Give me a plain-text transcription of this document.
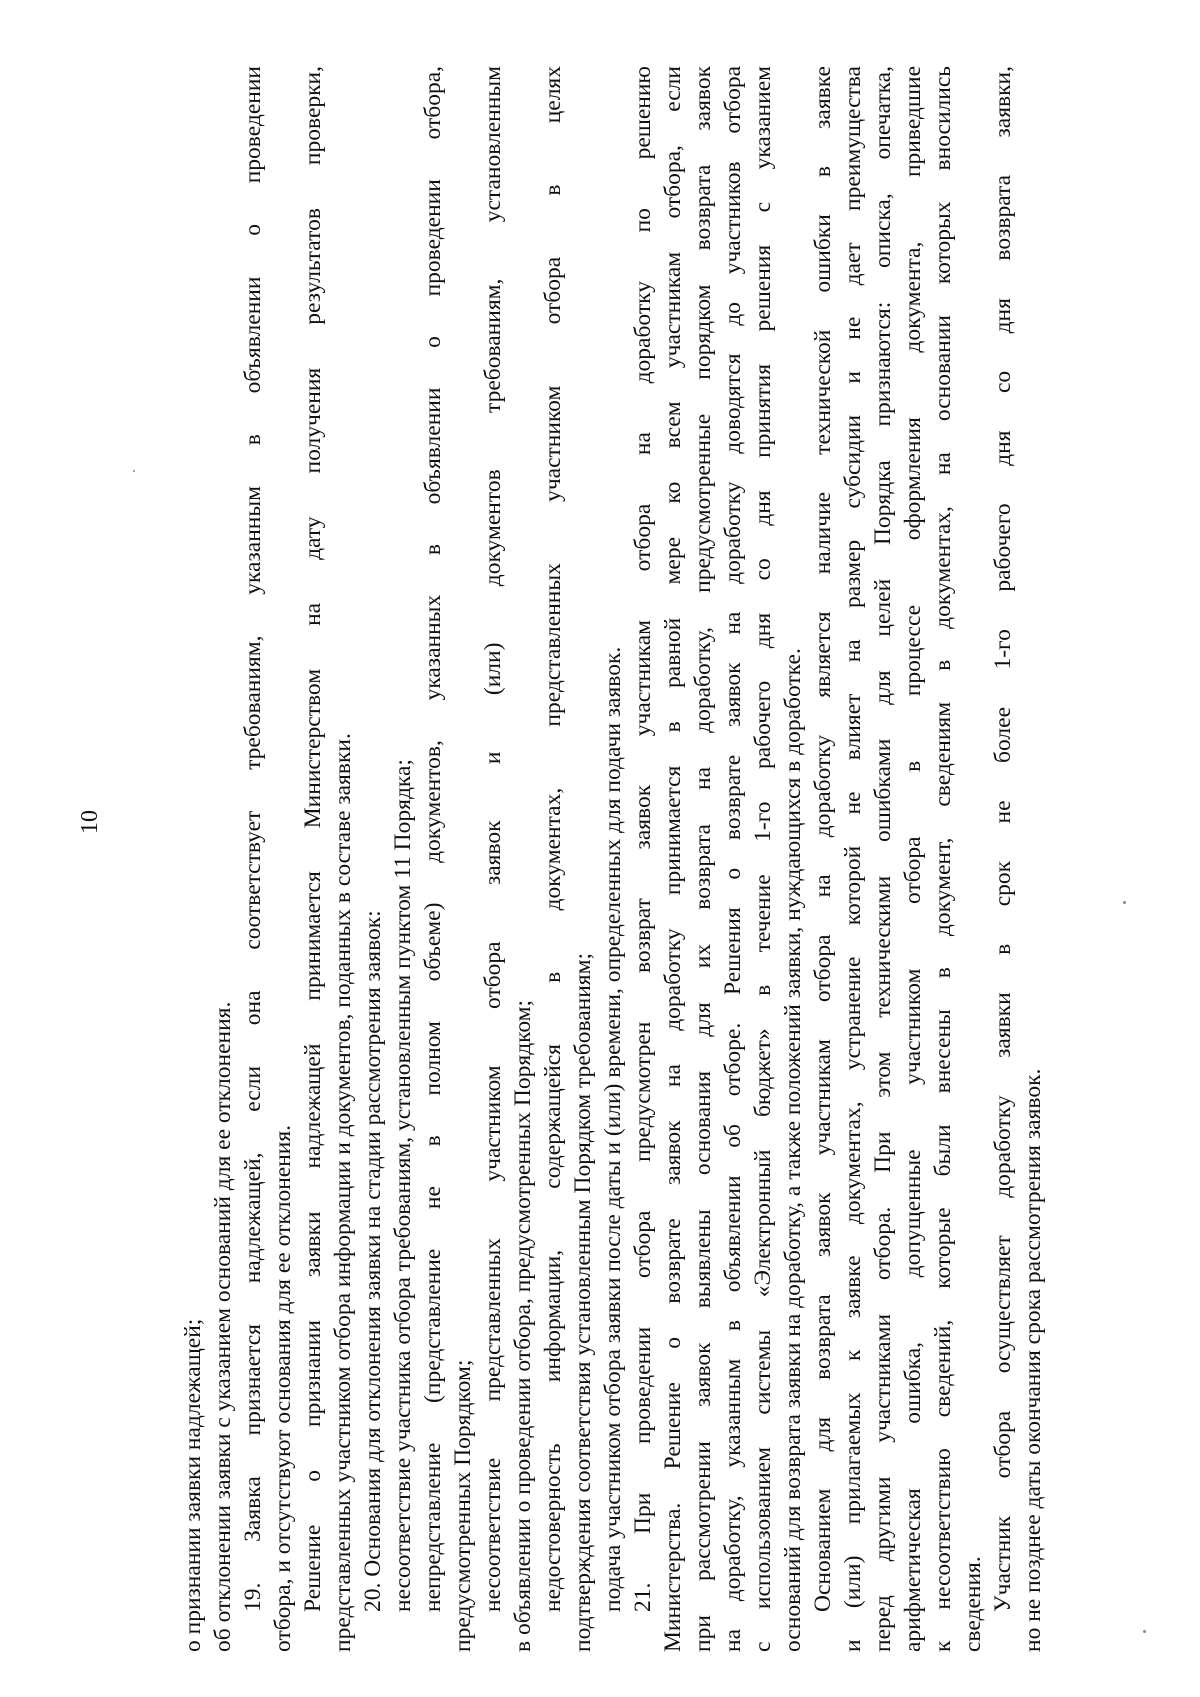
10
о признании заявки надлежащей; об отклонении заявки с указанием оснований для ее отклонения. 19. Заявка признается надлежащей, если она соответствует требованиям, указанным в объявлении о проведении отбора, и отсутствуют основания для ее отклонения. Решение о признании заявки надлежащей принимается Министерством на дату получения результатов проверки, представленных участником отбора информации и документов, поданных в составе заявки. 20. Основания для отклонения заявки на стадии рассмотрения заявок: несоответствие участника отбора требованиям, установленным пунктом 11 Порядка; непредставление (представление не в полном объеме) документов, указанных в объявлении о проведении отбора, предусмотренных Порядком; несоответствие представленных участником отбора заявок и (или) документов требованиям, установленным в объявлении о проведении отбора, предусмотренных Порядком; недостоверность информации, содержащейся в документах, представленных участником отбора в целях подтверждения соответствия установленным Порядком требованиям; подача участником отбора заявки после даты и (или) времени, определенных для подачи заявок. 21. При проведении отбора предусмотрен возврат заявок участникам отбора на доработку по решению Министерства. Решение о возврате заявок на доработку принимается в равной мере ко всем участникам отбора, если при рассмотрении заявок выявлены основания для их возврата на доработку, предусмотренные порядком возврата заявок на доработку, указанным в объявлении об отборе. Решения о возврате заявок на доработку доводятся до участников отбора с использованием системы «Электронный бюджет» в течение 1-го рабочего дня со дня принятия решения с указанием оснований для возврата заявки на доработку, а также положений заявки, нуждающихся в доработке. Основанием для возврата заявок участникам отбора на доработку является наличие технической ошибки в заявке и (или) прилагаемых к заявке документах, устранение которой не влияет на размер субсидии и не дает преимущества перед другими участниками отбора. При этом техническими ошибками для целей Порядка признаются: описка, опечатка, арифметическая ошибка, допущенные участником отбора в процессе оформления документа, приведшие к несоответствию сведений, которые были внесены в документ, сведениям в документах, на основании которых вносились сведения. Участник отбора осуществляет доработку заявки в срок не более 1-го рабочего дня со дня возврата заявки, но не позднее даты окончания срока рассмотрения заявок.
